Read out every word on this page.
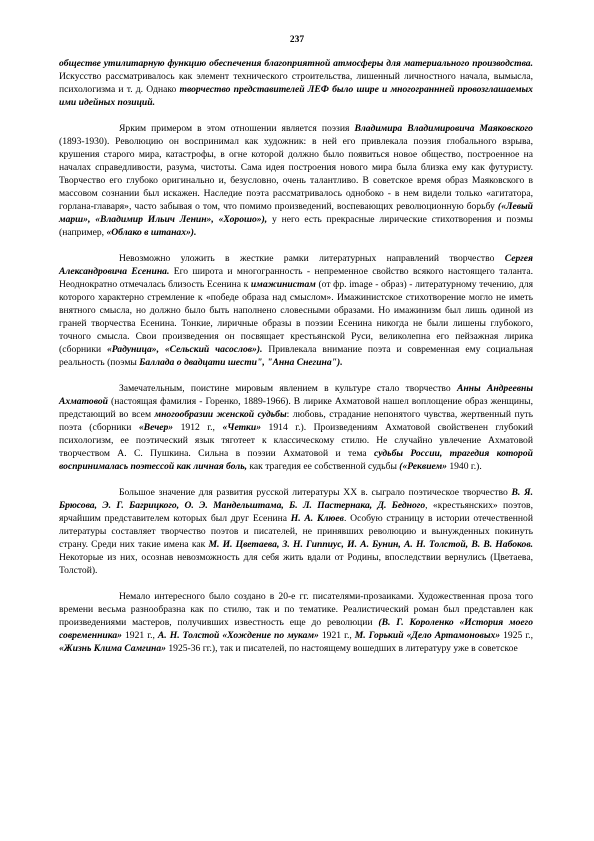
237

обществе утилитарную функцию обеспечения благоприятной атмосферы для материального производства. Искусство рассматривалось как элемент технического строительства, лишенный личностного начала, вымысла, психологизма и т. д. Однако творчество представителей ЛЕФ было шире и многограннней провозглашаемых ими идейных позиций.

Ярким примером в этом отношении является поэзия Владимира Владимировича Маяковского (1893-1930). Революцию он воспринимал как художник: в ней его привлекала поэзия глобального взрыва, крушения старого мира, катастрофы, в огне которой должно было появиться новое общество, построенное на началах справедливости, разума, чистоты. Сама идея построения нового мира была близка ему как футуристу. Творчество его глубоко оригинально и, безусловно, очень талантливо. В советское время образ Маяковского в массовом сознании был искажен. Наследие поэта рассматривалось однобоко - в нем видели только «агитатора, горлана-главаря», часто забывая о том, что помимо произведений, воспевающих революционную борьбу («Левый марш», «Владимир Ильич Ленин», «Хорошо»), у него есть прекрасные лирические стихотворения и поэмы (например, «Облако в штанах»).

Невозможно уложить в жесткие рамки литературных направлений творчество Сергея Александровича Есенина. Его широта и многогранность - непременное свойство всякого настоящего таланта. Неоднократно отмечалась близость Есенина к имажинистам (от фр. image - образ) - литературному течению, для которого характерно стремление к «победе образа над смыслом». Имажинистское стихотворение могло не иметь внятного смысла, но должно было быть наполнено словесными образами. Но имажинизм был лишь одиной из граней творчества Есенина. Тонкие, лиричные образы в поэзии Есенина никогда не были лишены глубокого, точного смысла. Свои произведения он посвящает крестьянской Руси, великолепна его пейзажная лирика (сборники «Радуница», «Сельский часослов»). Привлекала внимание поэта и современная ему социальная реальность (поэмы Баллада о двадцати шести", "Анна Снегина").

Замечательным, поистине мировым явлением в культуре стало творчество Анны Андреевны Ахматовой (настоящая фамилия - Горенко, 1889-1966). В лирике Ахматовой нашел воплощение образ женщины, предстающий во всем многообразии женской судьбы: любовь, страдание непонятого чувства, жертвенный путь поэта (сборники «Вечер» 1912 г., «Четки» 1914 г.). Произведениям Ахматовой свойственен глубокий психологизм, ее поэтический язык тяготеет к классическому стилю. Не случайно увлечение Ахматовой творчеством А. С. Пушкина. Сильна в поэзии Ахматовой и тема судьбы России, трагедия которой воспринималась поэтессой как личная боль, как трагедия ее собственной судьбы («Реквием» 1940 г.).

Большое значение для развития русской литературы XX в. сыграло поэтическое творчество В. Я. Брюсова, Э. Г. Багрицкого, О. Э. Мандельштама, Б. Л. Пастернака, Д. Бедного, «крестьянских» поэтов, ярчайшим представителем которых был друг Есенина Н. А. Клюев. Особую страницу в истории отечественной литературы составляет творчество поэтов и писателей, не принявших революцию и вынужденных покинуть страну. Среди них такие имена как М. И. Цветаева, З. Н. Гиппиус, И. А. Бунин, А. Н. Толстой, В. В. Набоков. Некоторые из них, осознав невозможность для себя жить вдали от Родины, впоследствии вернулись (Цветаева, Толстой).

Немало интересного было создано в 20-е гг. писателями-прозаиками. Художественная проза того времени весьма разнообразна как по стилю, так и по тематике. Реалистический роман был представлен как произведениями мастеров, получивших известность еще до революции (В. Г. Короленко «История моего современника» 1921 г., А. Н. Толстой «Хождение по мукам» 1921 г., М. Горький «Дело Артамоновых» 1925 г., «Жизнь Клима Самгина» 1925-36 гг.), так и писателей, по настоящему вошедших в литературу уже в советское
